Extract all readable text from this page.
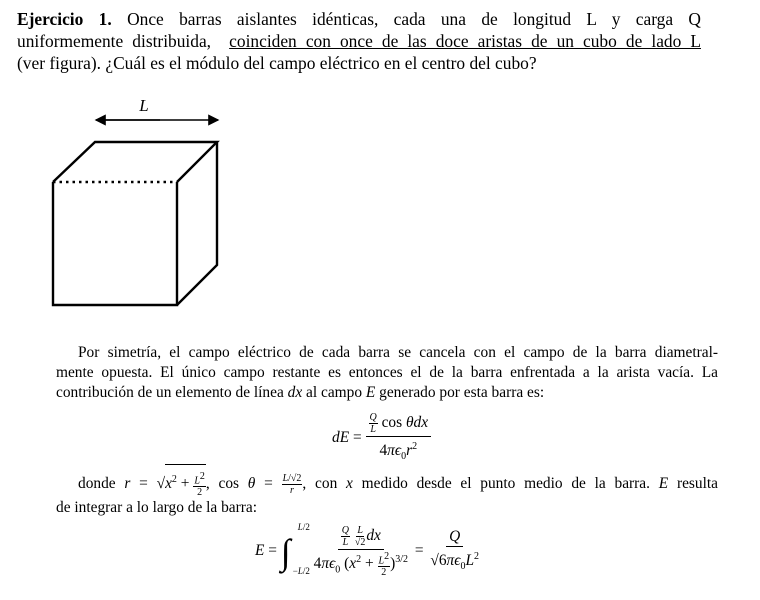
Ejercicio 1. Once barras aislantes idénticas, cada una de longitud L y carga Q
uniformemente distribuida, coinciden con once de las doce aristas de un cubo de lado L
(ver figura). ¿Cuál es el módulo del campo eléctrico en el centro del cubo?
L
Por simetría, el campo eléctrico de cada barra se cancela con el campo de la barra diametral-
mente opuesta. El único campo restante es entonces el de la barra enfrentada a la arista vacía. La
contribución de un elemento de línea dx al campo E generado por esta barra es:
dE = $\frac{\frac{Q}{L} \cos \theta dx}{4\pi\epsilon_0r^2}$
donde $r = √x^2 + \frac{L^2}{2}$ , $\cos \theta = \frac{L/√2}{r}$ , con x medido desde el punto medio de la barra. E resulta
de integrar a lo largo de la barra:
E = ∫
L/2
−L/2
$\frac{Q}{L}$
$\frac{L}{√2}$ dx
$4\pi\epsilon_0$ $(x^2 + \frac{L^2}{2} )^{3/2} = \frac{Q}{√6\pi\epsilon_0L^2}$
